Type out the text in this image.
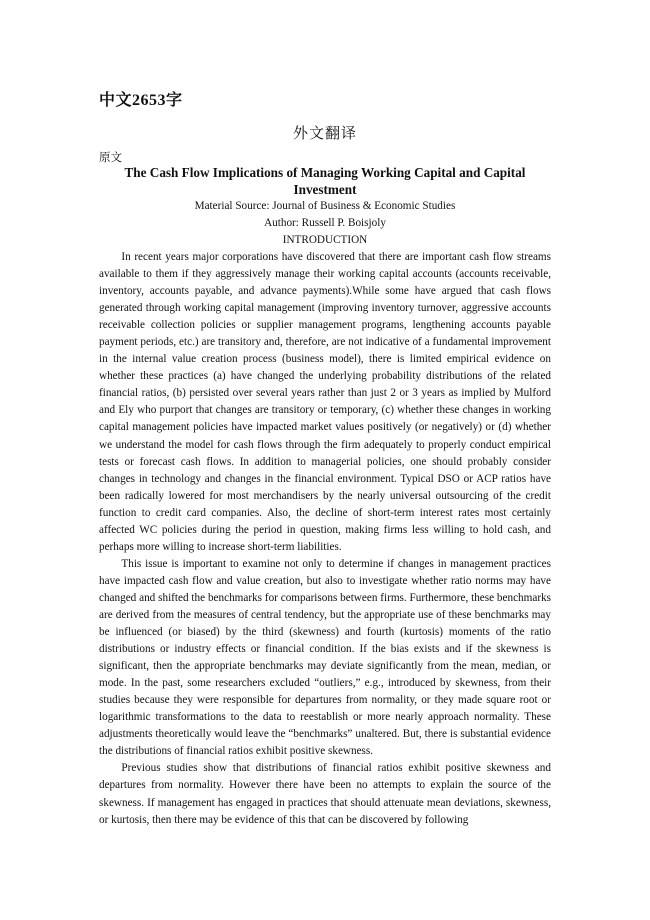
中文2653字
外文翻译
原文
The Cash Flow Implications of Managing Working Capital and Capital Investment
Material Source: Journal of Business & Economic Studies
Author: Russell P. Boisjoly
INTRODUCTION

In recent years major corporations have discovered that there are important cash flow streams available to them if they aggressively manage their working capital accounts (accounts receivable, inventory, accounts payable, and advance payments).While some have argued that cash flows generated through working capital management (improving inventory turnover, aggressive accounts receivable collection policies or supplier management programs, lengthening accounts payable payment periods, etc.) are transitory and, therefore, are not indicative of a fundamental improvement in the internal value creation process (business model), there is limited empirical evidence on whether these practices (a) have changed the underlying probability distributions of the related financial ratios, (b) persisted over several years rather than just 2 or 3 years as implied by Mulford and Ely who purport that changes are transitory or temporary, (c) whether these changes in working capital management policies have impacted market values positively (or negatively) or (d) whether we understand the model for cash flows through the firm adequately to properly conduct empirical tests or forecast cash flows. In addition to managerial policies, one should probably consider changes in technology and changes in the financial environment. Typical DSO or ACP ratios have been radically lowered for most merchandisers by the nearly universal outsourcing of the credit function to credit card companies. Also, the decline of short-term interest rates most certainly affected WC policies during the period in question, making firms less willing to hold cash, and perhaps more willing to increase short-term liabilities.

This issue is important to examine not only to determine if changes in management practices have impacted cash flow and value creation, but also to investigate whether ratio norms may have changed and shifted the benchmarks for comparisons between firms. Furthermore, these benchmarks are derived from the measures of central tendency, but the appropriate use of these benchmarks may be influenced (or biased) by the third (skewness) and fourth (kurtosis) moments of the ratio distributions or industry effects or financial condition. If the bias exists and if the skewness is significant, then the appropriate benchmarks may deviate significantly from the mean, median, or mode. In the past, some researchers excluded “outliers,” e.g., introduced by skewness, from their studies because they were responsible for departures from normality, or they made square root or logarithmic transformations to the data to reestablish or more nearly approach normality. These adjustments theoretically would leave the “benchmarks” unaltered. But, there is substantial evidence the distributions of financial ratios exhibit positive skewness.

Previous studies show that distributions of financial ratios exhibit positive skewness and departures from normality. However there have been no attempts to explain the source of the skewness. If management has engaged in practices that should attenuate mean deviations, skewness, or kurtosis, then there may be evidence of this that can be discovered by following
